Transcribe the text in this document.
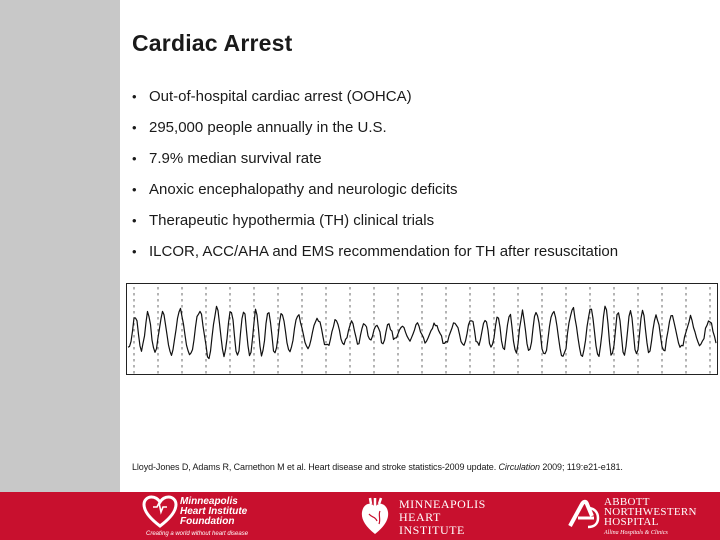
Cardiac Arrest
• Out-of-hospital cardiac arrest (OOHCA)
• 295,000 people annually in the U.S.
• 7.9% median survival rate
• Anoxic encephalopathy and neurologic deficits
• Therapeutic hypothermia (TH) clinical trials
• ILCOR, ACC/AHA and EMS recommendation for TH after resuscitation
Lloyd-Jones D, Adams R, Carnethon M et al. Heart disease and stroke statistics-2009 update. Circulation 2009; 119:e21-e181.
Minneapolis
Heart Institute
Foundation
Creating a world without heart disease
MINNEAPOLIS
HEART
INSTITUTE
ABBOTT
NORTHWESTERN
HOSPITAL
Allina Hospitals & Clinics
